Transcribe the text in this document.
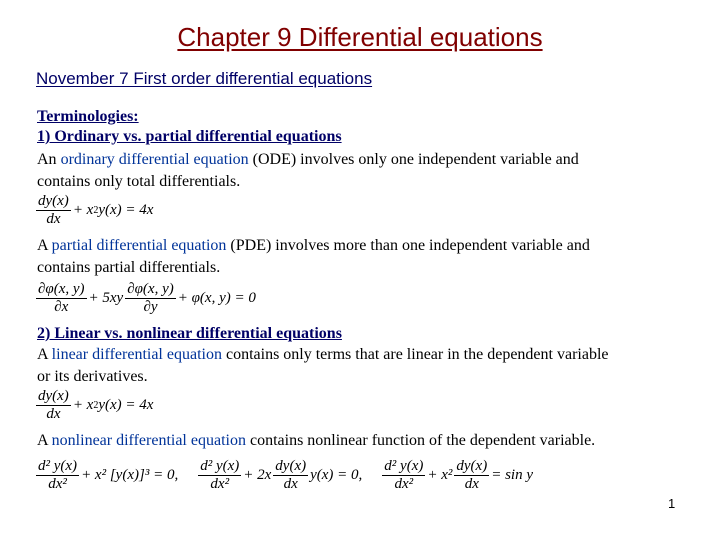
Chapter 9 Differential equations
November 7 First order differential equations
Terminologies:
1) Ordinary vs. partial differential equations
An ordinary differential equation (ODE) involves only one independent variable and
contains only total differentials.
$\frac{dy(x)}{dx} + x$ 2 y(x) = 4x
A partial differential equation (PDE) involves more than one independent variable and
contains partial differentials.
$\frac{\partial\varphi(x, y)}{\partial x} + 5xy \frac{\partial\varphi(x, y)}{\partial y} + \varphi(x$, y) = 0
2) Linear vs. nonlinear differential equations
A linear differential equation contains only terms that are linear in the dependent variable
or its derivatives.
$\frac{dy(x)}{dx} + x$ 2 y(x) = 4x
A nonlinear differential equation contains nonlinear function of the dependent variable.
$\frac{\text{d² y(x)}}{\text{dx²}} + x^2$ [y(x)]³ = 0, $\frac{\text{d² y(x)}}{\text{dx²}} + 2x \frac{dy(x)}{dx} y(x) = 0$, $\frac{\text{d² y(x)}}{\text{dx²}} + x^2 \frac{dy(x)}{dx} = \sin y$
1
